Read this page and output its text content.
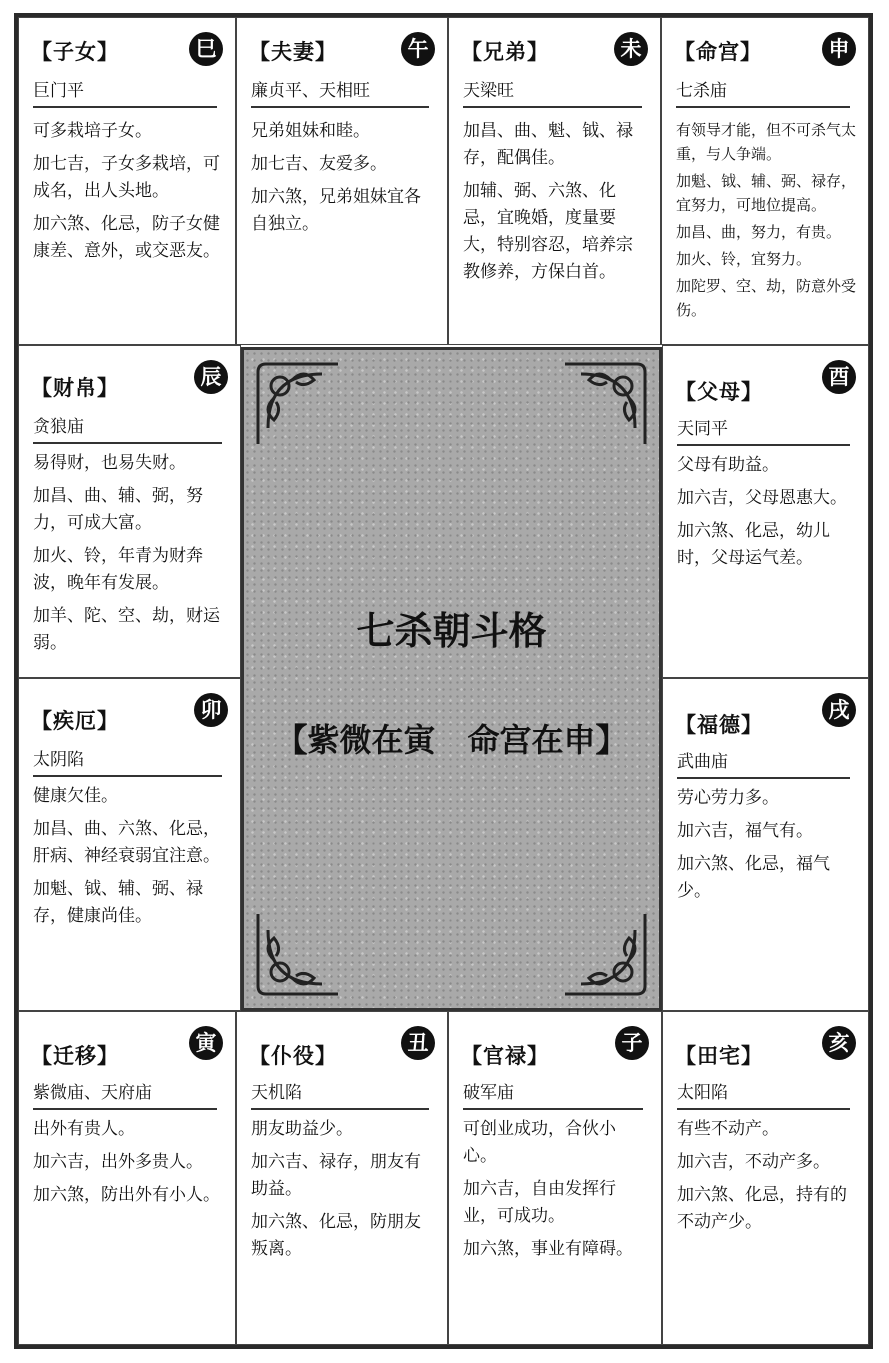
【子女】	巳
巨门平

可多栽培子女。

加七吉，子女多栽培，可成名，出人头地。

加六煞、化忌，防子女健康差、意外，或交恶友。

【夫妻】	午
廉贞平、天相旺

兄弟姐妹和睦。

加七吉、友爱多。

加六煞，兄弟姐妹宜各自独立。

【兄弟】	未
天梁旺

加昌、曲、魁、钺、禄存，配偶佳。

加辅、弼、六煞、化忌，宜晚婚，度量要大，特别容忍，培养宗教修养，方保白首。

【命宫】	申
七杀庙

有领导才能，但不可杀气太重，与人争端。

加魁、钺、辅、弼、禄存，宜努力，可地位提高。

加昌、曲，努力，有贵。

加火、铃，宜努力。

加陀罗、空、劫，防意外受伤。

【财帛】	辰
贪狼庙

易得财，也易失财。

加昌、曲、辅、弼，努力，可成大富。

加火、铃，年青为财奔波，晚年有发展。

加羊、陀、空、劫，财运弱。

【疾厄】	卯
太阴陷

健康欠佳。

加昌、曲、六煞、化忌，肝病、神经衰弱宜注意。

加魁、钺、辅、弼、禄存，健康尚佳。

【父母】
酉
天同平

父母有助益。

加六吉，父母恩惠大。

加六煞、化忌，幼儿时，父母运气差。

【福德】
戌
武曲庙

劳心劳力多。

加六吉，福气有。

加六煞、化忌，福气少。

【迁移】
寅
紫微庙、天府庙

出外有贵人。

加六吉，出外多贵人。

加六煞，防出外有小人。

【仆役】
丑
天机陷

朋友助益少。

加六吉、禄存，朋友有助益。

加六煞、化忌，防朋友叛离。

【官禄】
子
破军庙

可创业成功，合伙小心。

加六吉，自由发挥行业，可成功。

加六煞，事业有障碍。

【田宅】
亥
太阳陷

有些不动产。

加六吉，不动产多。

加六煞、化忌，持有的不动产少。

七杀朝斗格
【紫微在寅　命宫在申】
